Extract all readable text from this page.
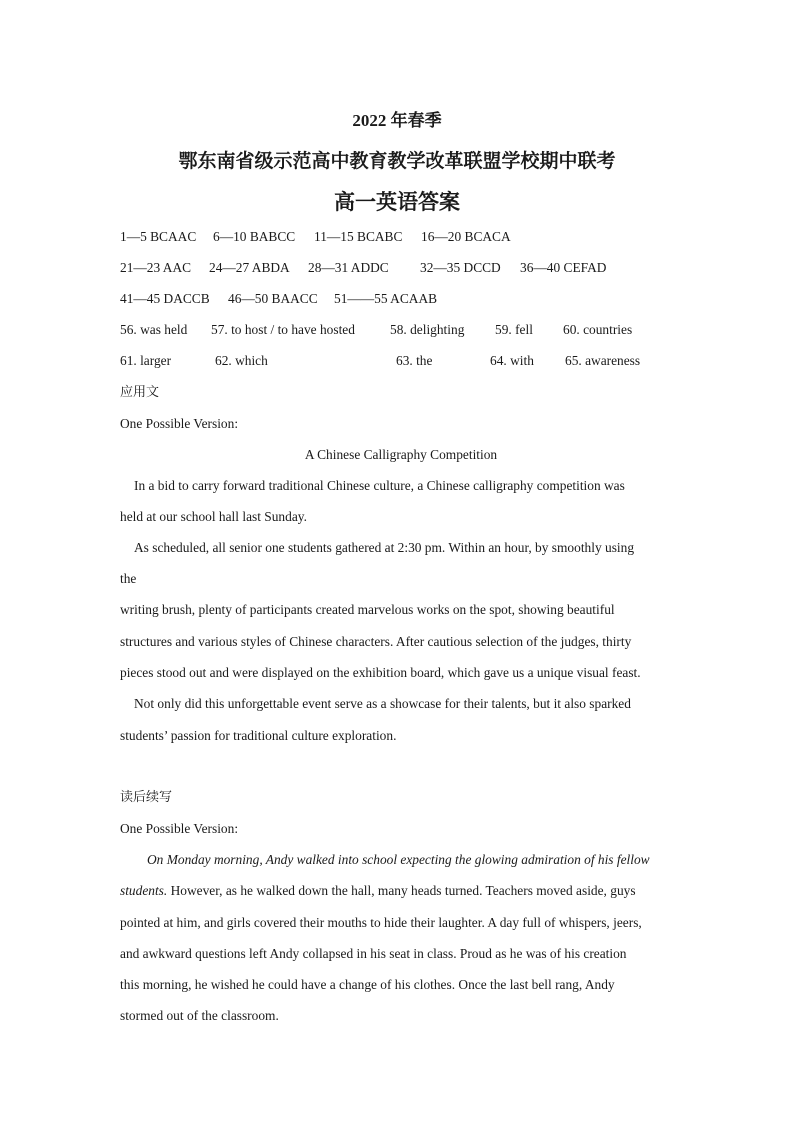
2022 年春季
鄂东南省级示范高中教育教学改革联盟学校期中联考
高一英语答案
1—5 BCAAC 6—10 BABCC 11—15 BCABC 16—20 BCACA
21—23 AAC 24—27 ABDA 28—31 ADDC 32—35 DCCD 36—40 CEFAD
41—45 DACCB 46—50 BAACC 51——55 ACAAB
56. was held 57. to host / to have hosted	58. delighting 59. fell 60. countries
61. larger	62. which	63. the	64. with 65. awareness
应用文
One Possible Version:
A Chinese Calligraphy Competition
In a bid to carry forward traditional Chinese culture, a Chinese calligraphy competition was
held at our school hall last Sunday.
As scheduled, all senior one students gathered at 2:30 pm. Within an hour, by smoothly using
the
writing brush, plenty of participants created marvelous works on the spot, showing beautiful
structures and various styles of Chinese characters. After cautious selection of the judges, thirty
pieces stood out and were displayed on the exhibition board, which gave us a unique visual feast.
Not only did this unforgettable event serve as a showcase for their talents, but it also sparked
students’ passion for traditional culture exploration.
读后续写
One Possible Version:
On Monday morning, Andy walked into school expecting the glowing admiration of his fellow
students. However, as he walked down the hall, many heads turned. Teachers moved aside, guys
pointed at him, and girls covered their mouths to hide their laughter. A day full of whispers, jeers,
and awkward questions left Andy collapsed in his seat in class. Proud as he was of his creation
this morning, he wished he could have a change of his clothes. Once the last bell rang, Andy
stormed out of the classroom.
